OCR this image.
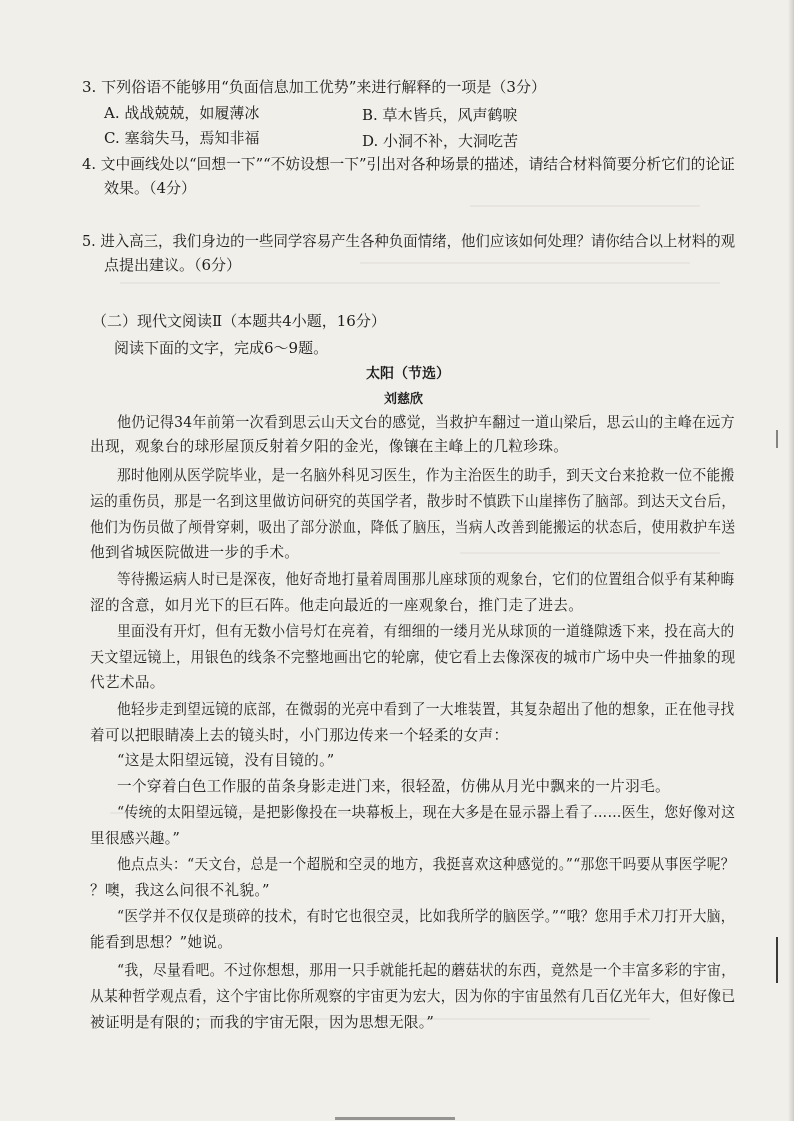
3. 下列俗语不能够用“负面信息加工优势”来进行解释的一项是（3分）
A. 战战兢兢，如履薄冰	B. 草木皆兵，风声鹤唳
C. 塞翁失马，焉知非福	D. 小洞不补，大洞吃苦
4. 文中画线处以“回想一下”“不妨设想一下”引出对各种场景的描述，请结合材料简要分析它们的论证
效果。（4分）
5. 进入高三，我们身边的一些同学容易产生各种负面情绪，他们应该如何处理？请你结合以上材料的观
点提出建议。（6分）
（二）现代文阅读Ⅱ（本题共4小题，16分）
阅读下面的文字，完成6～9题。
太阳（节选）
刘慈欣
他仍记得34年前第一次看到思云山天文台的感觉，当救护车翻过一道山梁后，思云山的主峰在远方
出现，观象台的球形屋顶反射着夕阳的金光，像镶在主峰上的几粒珍珠。
那时他刚从医学院毕业，是一名脑外科见习医生，作为主治医生的助手，到天文台来抢救一位不能搬
运的重伤员，那是一名到这里做访问研究的英国学者，散步时不慎跌下山崖摔伤了脑部。到达天文台后，
他们为伤员做了颅骨穿刺，吸出了部分淤血，降低了脑压，当病人改善到能搬运的状态后，使用救护车送
他到省城医院做进一步的手术。
等待搬运病人时已是深夜，他好奇地打量着周围那儿座球顶的观象台，它们的位置组合似乎有某种晦
涩的含意，如月光下的巨石阵。他走向最近的一座观象台，推门走了进去。
里面没有开灯，但有无数小信号灯在亮着，有细细的一缕月光从球顶的一道缝隙透下来，投在高大的
天文望远镜上，用银色的线条不完整地画出它的轮廓，使它看上去像深夜的城市广场中央一件抽象的现
代艺术品。
他轻步走到望远镜的底部，在微弱的光亮中看到了一大堆装置，其复杂超出了他的想象，正在他寻找
着可以把眼睛凑上去的镜头时，小门那边传来一个轻柔的女声：
“这是太阳望远镜，没有目镜的。”
一个穿着白色工作服的苗条身影走进门来，很轻盈，仿佛从月光中飘来的一片羽毛。
“传统的太阳望远镜，是把影像投在一块幕板上，现在大多是在显示器上看了……医生，您好像对这
里很感兴趣。”
他点点头：“天文台，总是一个超脱和空灵的地方，我挺喜欢这种感觉的。”“那您干吗要从事医学呢？
？噢，我这么问很不礼貌。”
“医学并不仅仅是琐碎的技术，有时它也很空灵，比如我所学的脑医学。”“哦？您用手术刀打开大脑，
能看到思想？”她说。
“我，尽量看吧。不过你想想，那用一只手就能托起的蘑菇状的东西，竟然是一个丰富多彩的宇宙，
从某种哲学观点看，这个宇宙比你所观察的宇宙更为宏大，因为你的宇宙虽然有几百亿光年大，但好像已
被证明是有限的；而我的宇宙无限，因为思想无限。”
